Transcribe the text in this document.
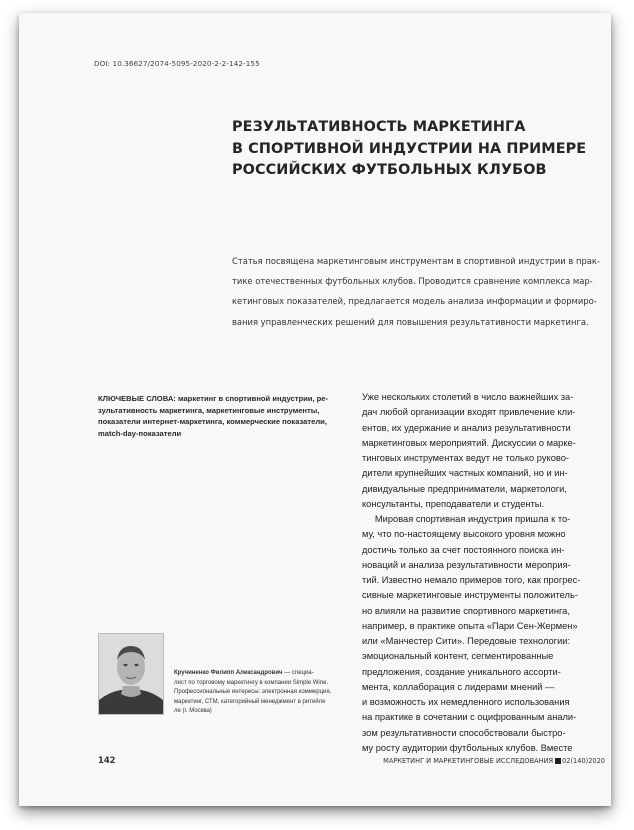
DOI: 10.36627/2074-5095-2020-2-2-142-155
РЕЗУЛЬТАТИВНОСТЬ МАРКЕТИНГА
В СПОРТИВНОЙ ИНДУСТРИИ НА ПРИМЕРЕ
РОССИЙСКИХ ФУТБОЛЬНЫХ КЛУБОВ
Статья посвящена маркетинговым инструментам в спортивной индустрии в прак-
тике отечественных футбольных клубов. Проводится сравнение комплекса мар-
кетинговых показателей, предлагается модель анализа информации и формиро-
вания управленческих решений для повышения результативности маркетинга.
КЛЮЧЕВЫЕ СЛОВА: маркетинг в спортивной индустрии, ре-
зультативность маркетинга, маркетинговые инструменты,
показатели интернет-маркетинга, коммерческие показатели,
match-day-показатели
Уже нескольких столетий в число важнейших за-
дач любой организации входят привлечение кли-
ентов, их удержание и анализ результативности
маркетинговых мероприятий. Дискуссии о марке-
тинговых инструментах ведут не только руково-
дители крупнейших частных компаний, но и ин-
дивидуальные предприниматели, маркетологи,
консультанты, преподаватели и студенты.
Мировая спортивная индустрия пришла к то-
му, что по-настоящему высокого уровня можно
достичь только за счет постоянного поиска ин-
новаций и анализа результативности мероприя-
тий. Известно немало примеров того, как прогрес-
сивные маркетинговые инструменты положитель-
но влияли на развитие спортивного маркетинга,
например, в практике опыта «Пари Сен-Жермен»
или «Манчестер Сити». Передовые технологии:
эмоциональный контент, сегментированные
предложения, создание уникального ассорти-
мента, коллаборация с лидерами мнений —
и возможность их немедленного использования
на практике в сочетании с оцифрованным анали-
зом результативности способствовали быстро-
му росту аудитории футбольных клубов. Вместе
Кручиненко Филипп Александрович — специа-
лист по торговому маркетингу в компании Simple Wine.
Профессиональные интересы: электронная коммерция,
маркетинг, СТМ, категорийный менеджмент в ритейле
ле (г. Москва)
142	МАРКЕТИНГ И МАРКЕТИНГОВЫЕ ИССЛЕДОВАНИЯ 02(140)2020
